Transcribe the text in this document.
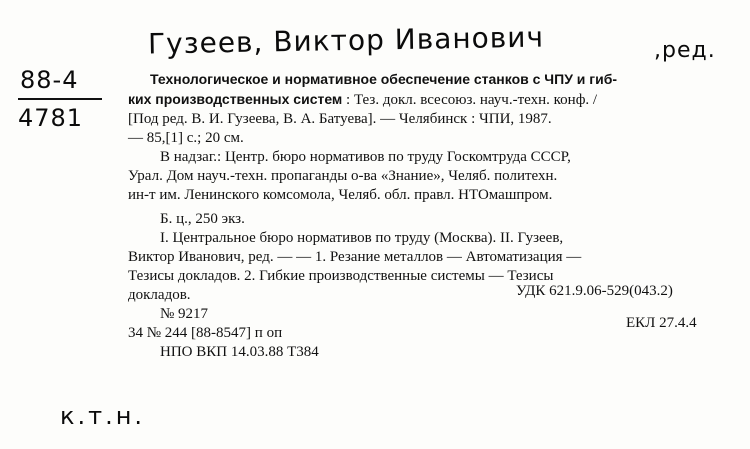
Гузеев, Виктор Иванович	,ред.
88-4
4781
Технологическое и нормативное обеспечение станков с ЧПУ и гиб-
ких производственных систем : Тез. докл. всесоюз. науч.-техн. конф. /
[Под ред. В. И. Гузеева, В. А. Батуева]. — Челябинск : ЧПИ, 1987.
— 85,[1] с.; 20 см.
В надзаг.: Центр. бюро нормативов по труду Госкомтруда СССР,
Урал. Дом науч.-техн. пропаганды о-ва «Знание», Челяб. политехн.
ин-т им. Ленинского комсомола, Челяб. обл. правл. НТОмашпром.
Б. ц., 250 экз.
I. Центральное бюро нормативов по труду (Москва). II. Гузеев,
Виктор Иванович, ред. — — 1. Резание металлов — Автоматизация —
Тезисы докладов. 2. Гибкие производственные системы — Тезисы
докладов.	УДК 621.9.06-529(043.2)
№ 9217
34 № 244 [88-8547] п оп
НПО ВКП 14.03.88 Т384
ЕКЛ 27.4.4
к.т.н.
